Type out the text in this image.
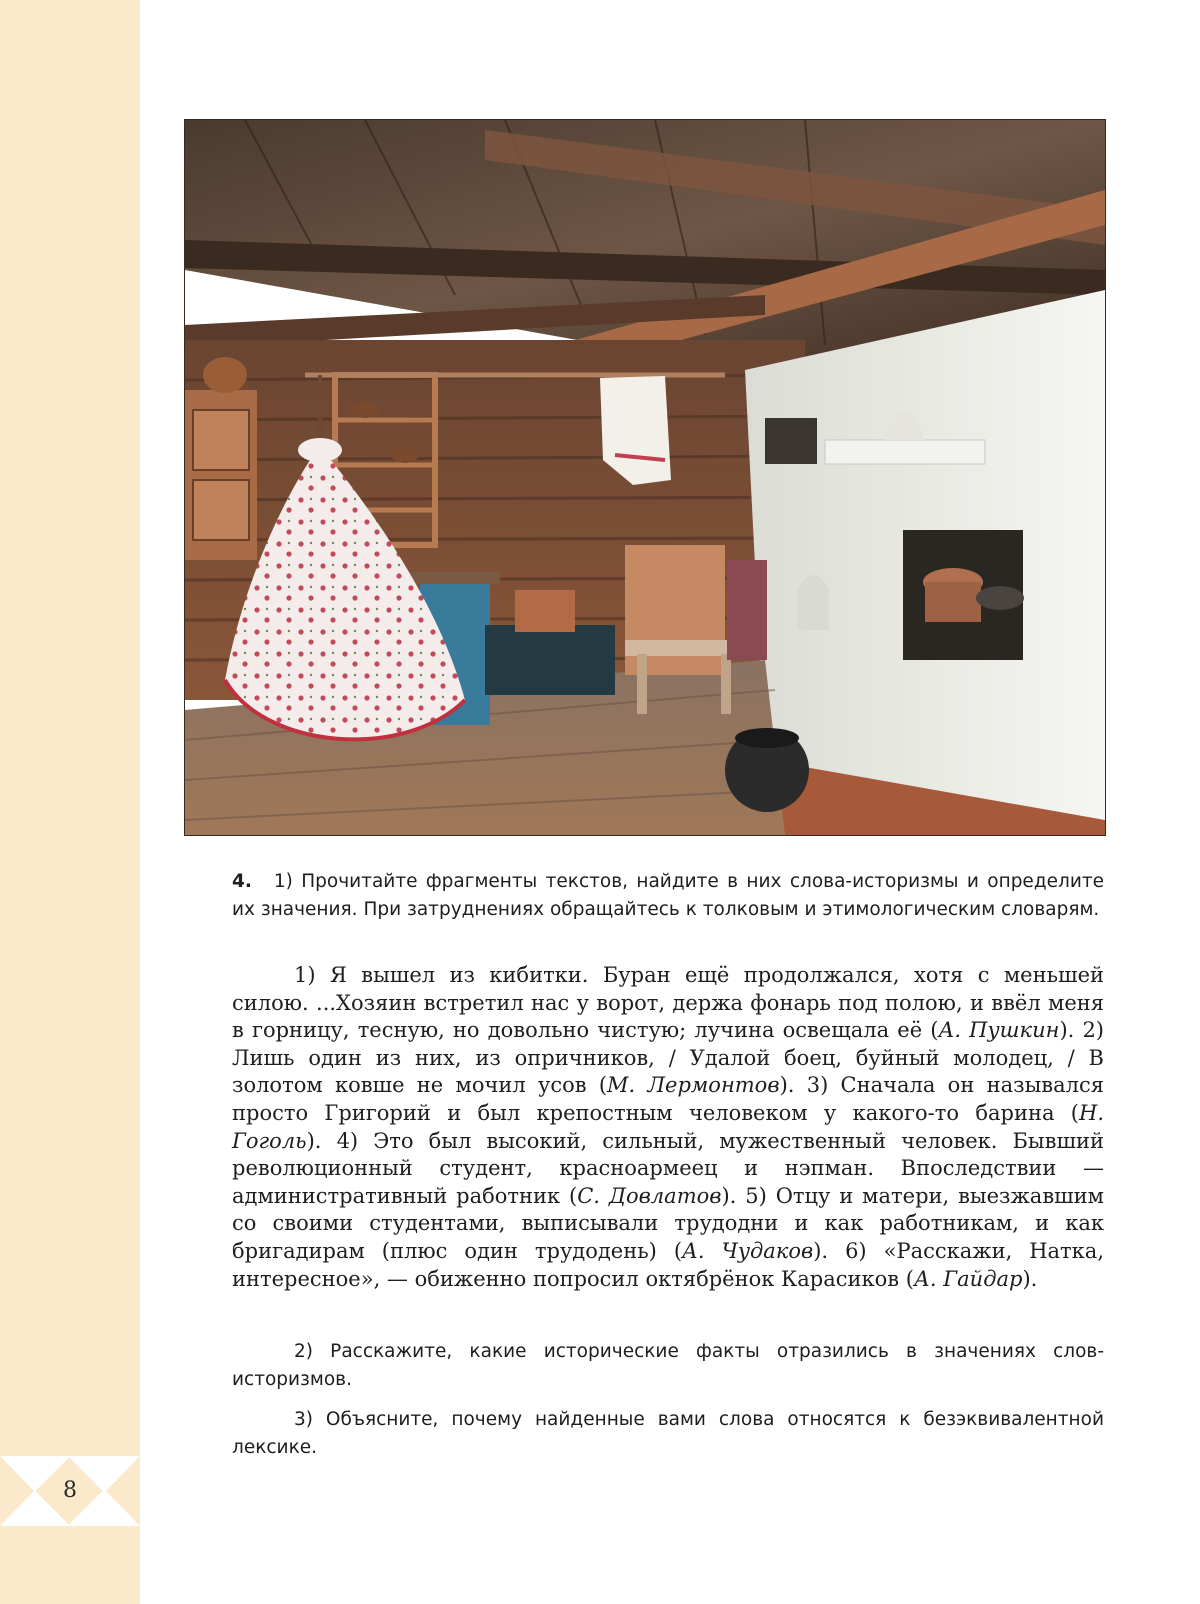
8
4. 1) Прочитайте фрагменты текстов, найдите в них слова-историзмы и определите их значения. При затруднениях обращайтесь к толковым и этимологическим словарям.
1) Я вышел из кибитки. Буран ещё продолжался, хотя с меньшей силою. ...Хозяин встретил нас у ворот, держа фонарь под полою, и ввёл меня в горницу, тесную, но довольно чистую; лучина освещала её (А. Пушкин). 2) Лишь один из них, из опричников, / Удалой боец, буйный молодец, / В золотом ковше не мочил усов (М. Лермонтов). 3) Сначала он назывался просто Григорий и был крепостным человеком у какого-то барина (Н. Гоголь). 4) Это был высокий, сильный, мужественный человек. Бывший революционный студент, красноармеец и нэпман. Впоследствии — административный работник (С. Довлатов). 5) Отцу и матери, выезжавшим со своими студентами, выписывали трудодни и как работникам, и как бригадирам (плюс один трудодень) (А. Чудаков). 6) «Расскажи, Натка, интересное», — обиженно попросил октябрёнок Карасиков (А. Гайдар).
2) Расскажите, какие исторические факты отразились в значениях слов-историзмов.
3) Объясните, почему найденные вами слова относятся к безэквивалентной лексике.
